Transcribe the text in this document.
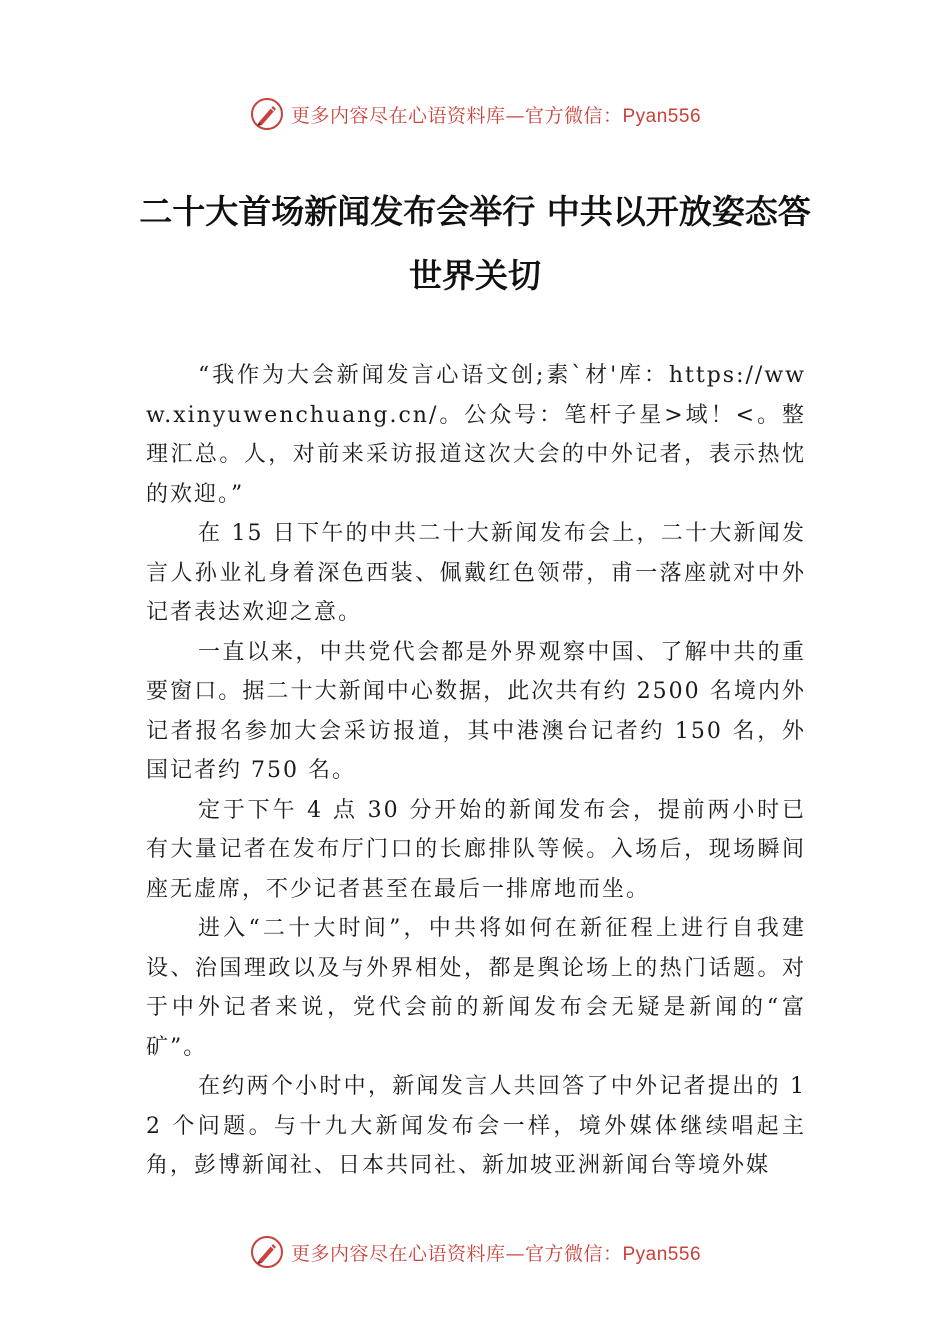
更多内容尽在心语资料库—官方微信：Pyan556
二十大首场新闻发布会举行 中共以开放姿态答世界关切

“我作为大会新闻发言心语文创;素`材'库：https://www.xinyuwenchuang.cn/。公众号：笔杆子星>域！<。整理汇总。人，对前来采访报道这次大会的中外记者，表示热忱的欢迎。”

在 15 日下午的中共二十大新闻发布会上，二十大新闻发言人孙业礼身着深色西装、佩戴红色领带，甫一落座就对中外记者表达欢迎之意。

一直以来，中共党代会都是外界观察中国、了解中共的重要窗口。据二十大新闻中心数据，此次共有约 2500 名境内外记者报名参加大会采访报道，其中港澳台记者约 150 名，外国记者约 750 名。

定于下午 4 点 30 分开始的新闻发布会，提前两小时已有大量记者在发布厅门口的长廊排队等候。入场后，现场瞬间座无虚席，不少记者甚至在最后一排席地而坐。

进入“二十大时间”，中共将如何在新征程上进行自我建设、治国理政以及与外界相处，都是舆论场上的热门话题。对于中外记者来说，党代会前的新闻发布会无疑是新闻的“富矿”。

在约两个小时中，新闻发言人共回答了中外记者提出的 12 个问题。与十九大新闻发布会一样，境外媒体继续唱起主角，彭博新闻社、日本共同社、新加坡亚洲新闻台等境外媒

更多内容尽在心语资料库—官方微信：Pyan556
